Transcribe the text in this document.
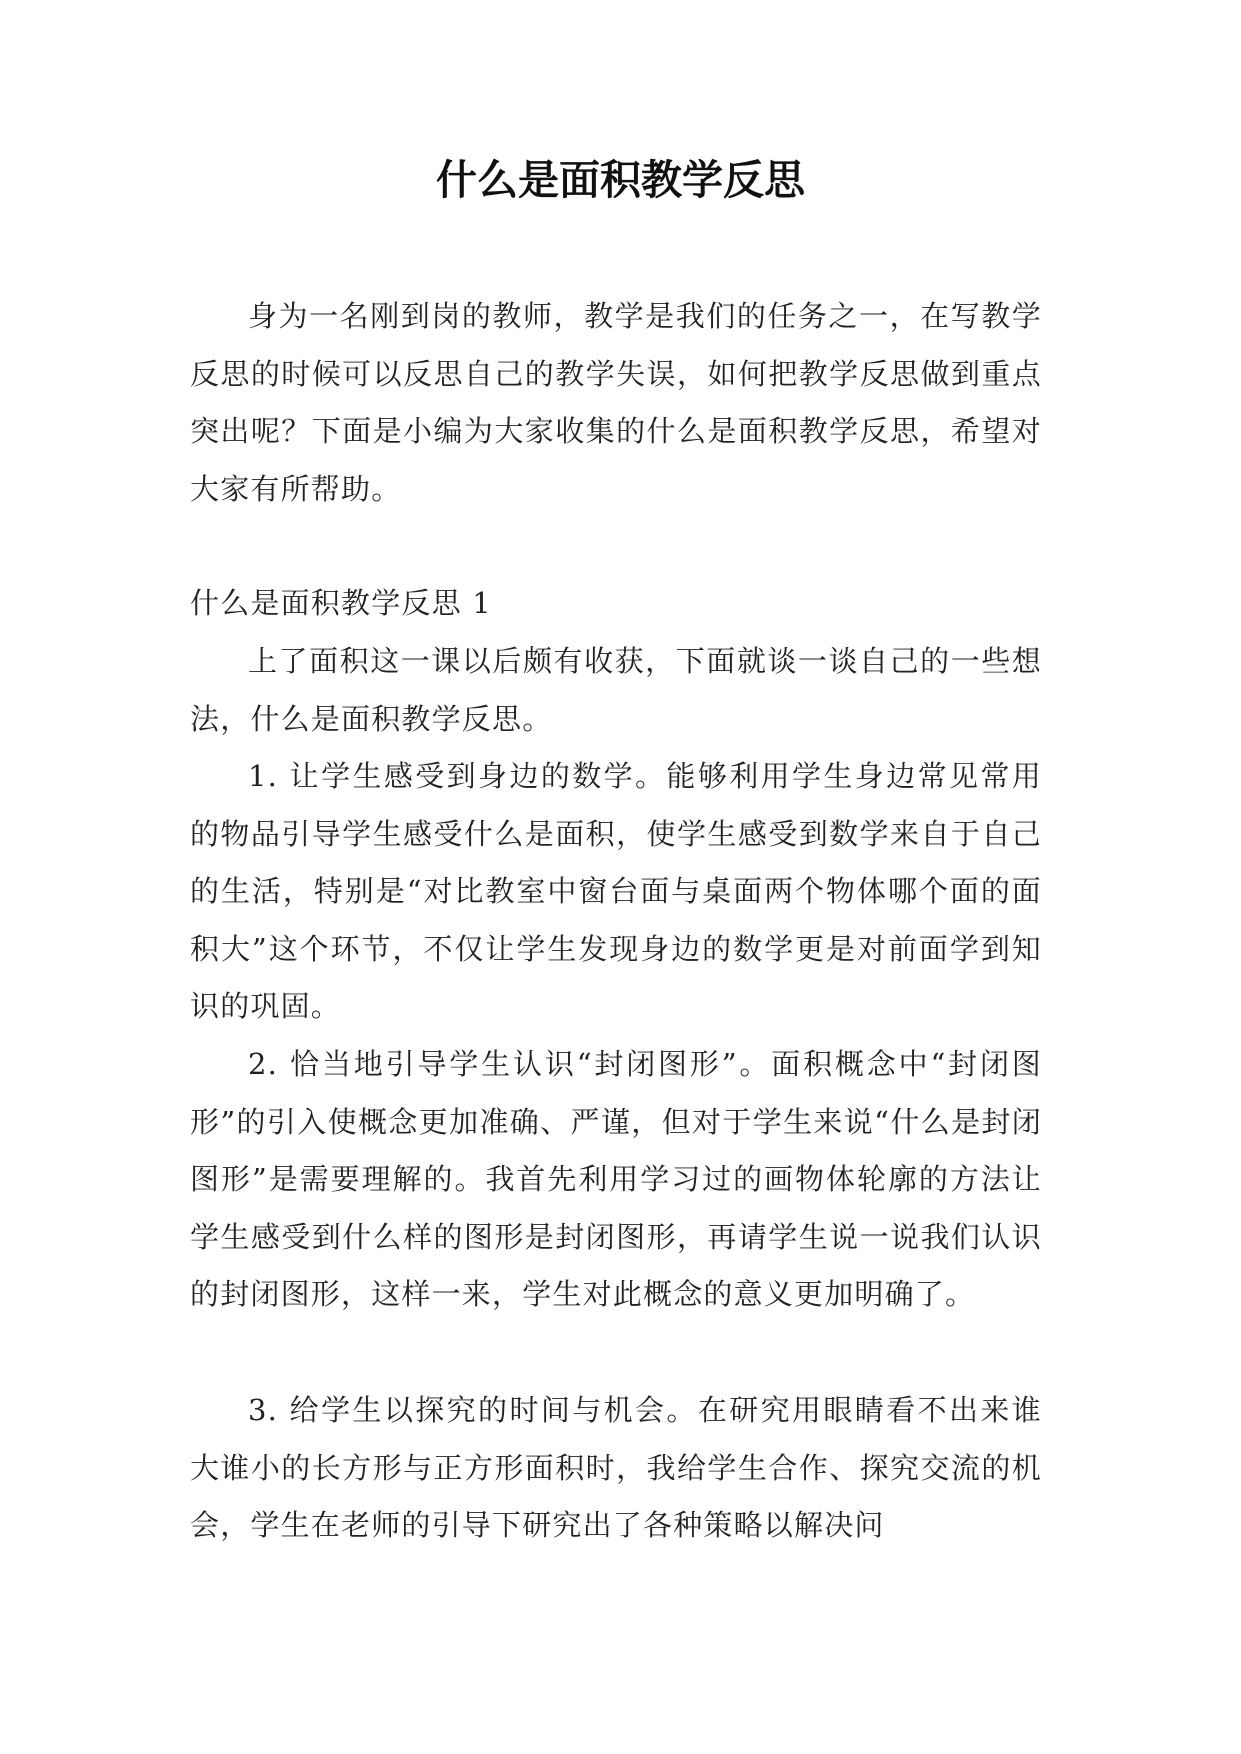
什么是面积教学反思

身为一名刚到岗的教师，教学是我们的任务之一，在写教学反思的时候可以反思自己的教学失误，如何把教学反思做到重点突出呢？下面是小编为大家收集的什么是面积教学反思，希望对大家有所帮助。

什么是面积教学反思 1

上了面积这一课以后颇有收获，下面就谈一谈自己的一些想法，什么是面积教学反思。

1. 让学生感受到身边的数学。能够利用学生身边常见常用的物品引导学生感受什么是面积，使学生感受到数学来自于自己的生活，特别是“对比教室中窗台面与桌面两个物体哪个面的面积大”这个环节，不仅让学生发现身边的数学更是对前面学到知识的巩固。

2. 恰当地引导学生认识“封闭图形”。面积概念中“封闭图形”的引入使概念更加准确、严谨，但对于学生来说“什么是封闭图形”是需要理解的。我首先利用学习过的画物体轮廓的方法让学生感受到什么样的图形是封闭图形，再请学生说一说我们认识的封闭图形，这样一来，学生对此概念的意义更加明确了。

3. 给学生以探究的时间与机会。在研究用眼睛看不出来谁大谁小的长方形与正方形面积时，我给学生合作、探究交流的机会，学生在老师的引导下研究出了各种策略以解决问
